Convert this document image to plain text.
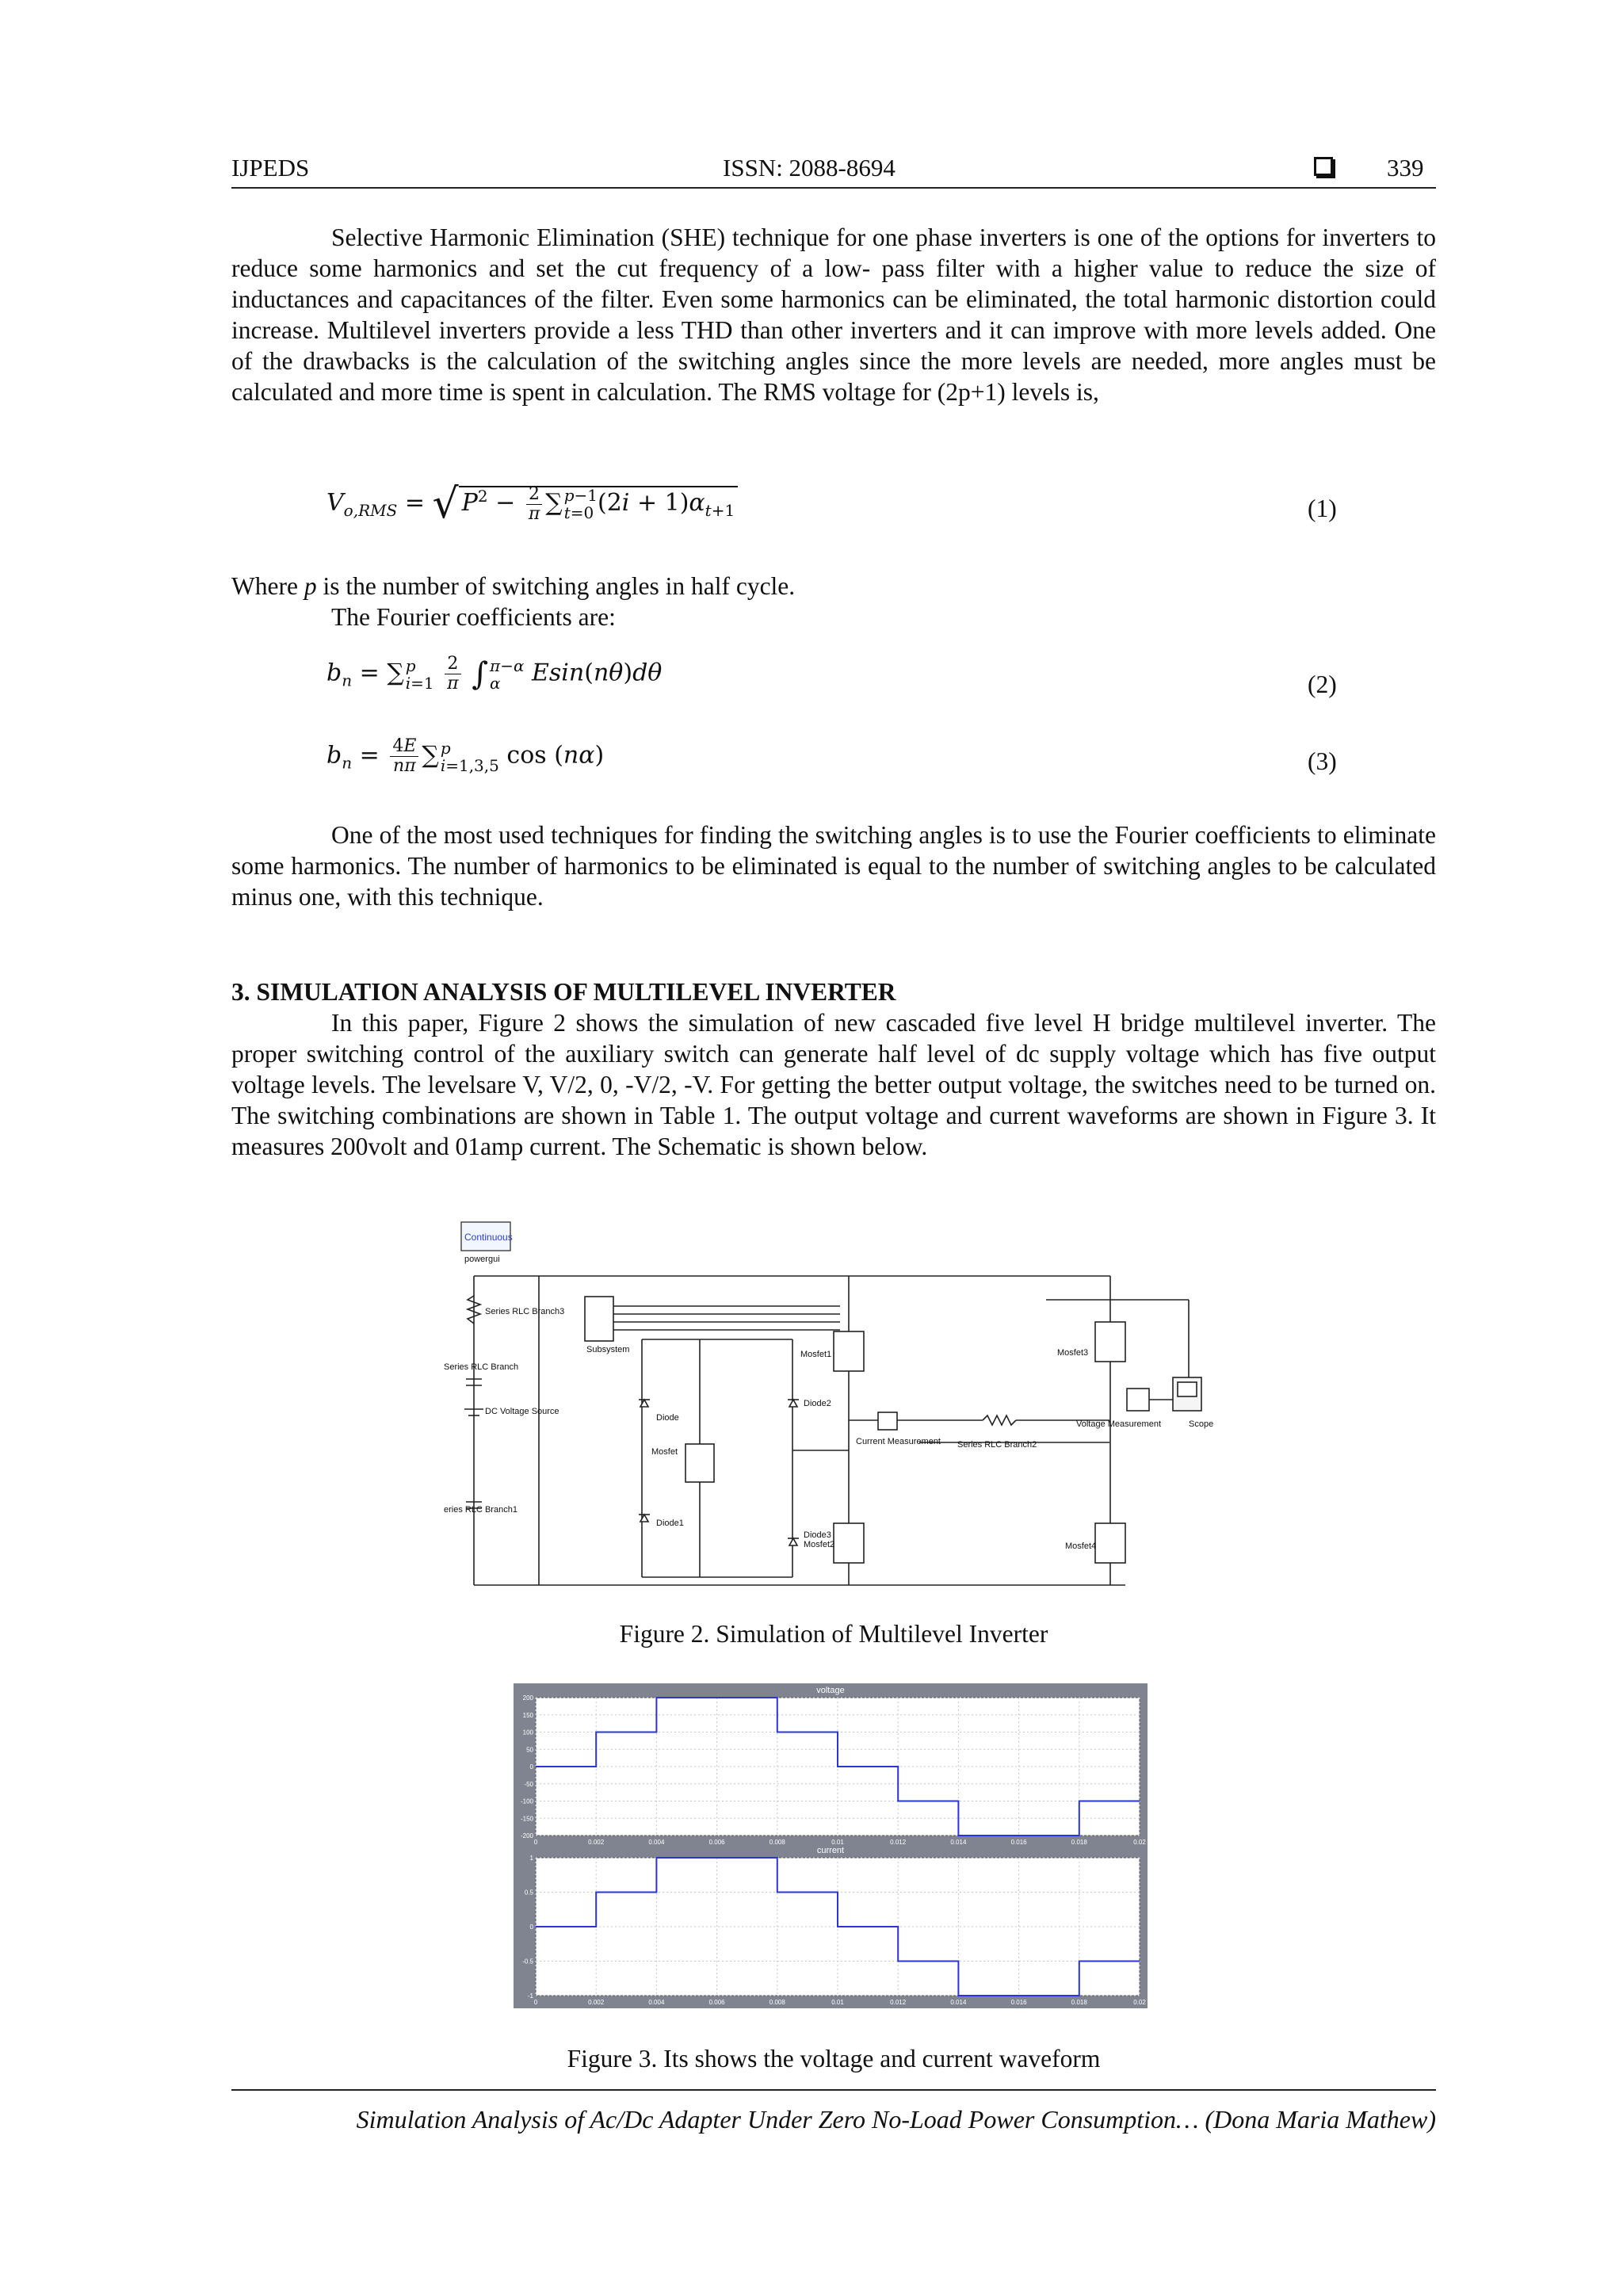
IJPEDS	ISSN: 2088-8694	339

Selective Harmonic Elimination (SHE) technique for one phase inverters is one of the options for inverters to reduce some harmonics and set the cut frequency of a low- pass filter with a higher value to reduce the size of inductances and capacitances of the filter. Even some harmonics can be eliminated, the total harmonic distortion could increase. Multilevel inverters provide a less THD than other inverters and it can improve with more levels added. One of the drawbacks is the calculation of the switching angles since the more levels are needed, more angles must be calculated and more time is spent in calculation. The RMS voltage for (2p+1) levels is,

$V_{o,RMS}$ = √ $P^2 - \frac{2}{\pi}$ ∑ p−1
t=0 $(2i + 1)\alpha_{t+1}$	(1)
Where p is the number of switching angles in half cycle.
The Fourier coefficients are:
$b_n$ = ∑ p
i=1
$\frac{2}{\pi}$ ∫ π−α
α	Esin(nθ)dθ	(2)
$b_n = \frac{4E}{n\pi}$ ∑ p
i=1,3,5 cos (nα)	(3)

One of the most used techniques for finding the switching angles is to use the Fourier coefficients to eliminate some harmonics. The number of harmonics to be eliminated is equal to the number of switching angles to be calculated minus one, with this technique.

3. SIMULATION ANALYSIS OF MULTILEVEL INVERTER

In this paper, Figure 2 shows the simulation of new cascaded five level H bridge multilevel inverter. The proper switching control of the auxiliary switch can generate half level of dc supply voltage which has five output voltage levels. The levelsare V, V/2, 0, -V/2, -V. For getting the better output voltage, the switches need to be turned on. The switching combinations are shown in Table 1. The output voltage and current waveforms are shown in Figure 3. It measures 200volt and 01amp current. The Schematic is shown below.

Continuous
powergui
Series RLC Branch3
Subsystem
Series RLC Branch
DC Voltage Source
eries RLC Branch1
Diode
Mosfet
Diode1
Diode2
Diode3
Mosfet1
Mosfet2
Mosfet3
Mosfet4
Current Measurement Series RLC Branch2
Voltage Measurement	Scope
Figure 2. Simulation of Multilevel Inverter
voltage
current
0	0.002	0.004	0.006	0.008	0.01	0.012	0.014	0.016	0.018	0.02
200
150
100
50
0
-50
-100
-150
-200
0	0.002	0.004	0.006	0.008	0.01	0.012	0.014	0.016	0.018	0.02
1
0.5
0
-0.5
-1
Figure 3. Its shows the voltage and current waveform
Simulation Analysis of Ac/Dc Adapter Under Zero No-Load Power Consumption… (Dona Maria Mathew)
